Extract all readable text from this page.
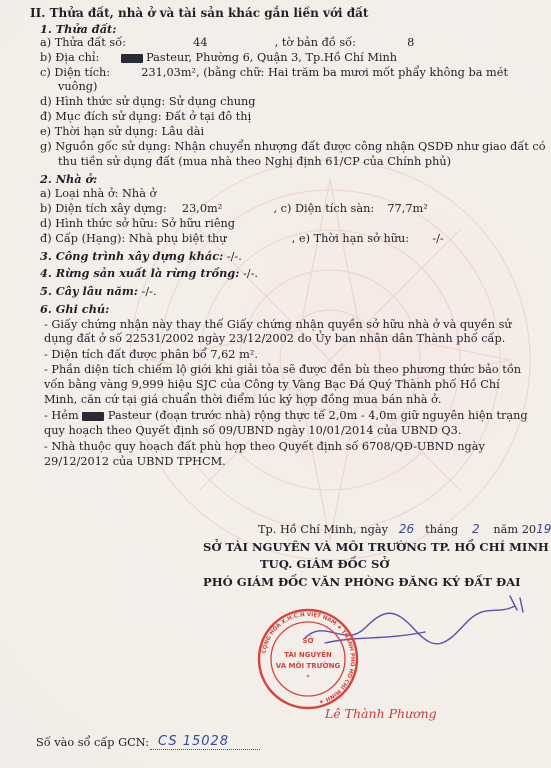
II. Thửa đất, nhà ở và tài sản khác gắn liền với đất
1. Thửa đất:
a) Thửa đất số:	44	, tờ bản đồ số:	8
b) Địa chỉ:	Pasteur, Phường 6, Quận 3, Tp.Hồ Chí Minh
c) Diện tích:	231,03m², (bằng chữ: Hai trăm ba mươi mốt phẩy không ba mét
vuông)
d) Hình thức sử dụng: Sử dụng chung
đ) Mục đích sử dụng: Đất ở tại đô thị
e) Thời hạn sử dụng: Lâu dài
g) Nguồn gốc sử dụng: Nhận chuyển nhượng đất được công nhận QSDĐ như giao đất có
thu tiền sử dụng đất (mua nhà theo Nghị định 61/CP của Chính phủ)
2. Nhà ở:
a) Loại nhà ở: Nhà ở
b) Diện tích xây dựng: 23,0m²	, c) Diện tích sàn: 77,7m²
d) Hình thức sở hữu: Sở hữu riêng
đ) Cấp (Hạng): Nhà phụ biệt thự	, e) Thời hạn sở hữu: -/-
3. Công trình xây dựng khác: -/-.
4. Rừng sản xuất là rừng trồng: -/-.
5. Cây lâu năm: -/-.
6. Ghi chú:
- Giấy chứng nhận này thay thế Giấy chứng nhận quyền sở hữu nhà ở và quyền sử
dụng đất ở số 22531/2002 ngày 23/12/2002 do Ủy ban nhân dân Thành phố cấp.
- Diện tích đất được phân bổ 7,62 m².
- Phần diện tích chiếm lộ giới khi giải tỏa sẽ được đền bù theo phương thức bảo tồn
vốn bằng vàng 9,999 hiệu SJC của Công ty Vàng Bạc Đá Quý Thành phố Hồ Chí
Minh, căn cứ tại giá chuẩn thời điểm lúc ký hợp đồng mua bán nhà ở.
- Hẻm	Pasteur (đoạn trước nhà) rộng thực tế 2,0m - 4,0m giữ nguyên hiện trạng
quy hoạch theo Quyết định số 09/UBND ngày 10/01/2014 của UBND Q3.
- Nhà thuộc quy hoạch đất phù hợp theo Quyết định số 6708/QĐ-UBND ngày
29/12/2012 của UBND TPHCM.
Tp. Hồ Chí Minh, ngày 26 tháng 2 năm 2019
SỞ TÀI NGUYÊN VÀ MÔI TRƯỜNG TP. HỒ CHÍ MINH
TUQ. GIÁM ĐỐC SỞ
PHÓ GIÁM ĐỐC VĂN PHÒNG ĐĂNG KÝ ĐẤT ĐAI
SỞ
TÀI NGUYÊN
VÀ MÔI TRƯỜNG
*
CỘNG HÒA X.H.C.N VIỆT NAM ★ THÀNH PHỐ HỒ CHÍ MINH ★
Lê Thành Phương
Số vào sổ cấp GCN: CS 15028
